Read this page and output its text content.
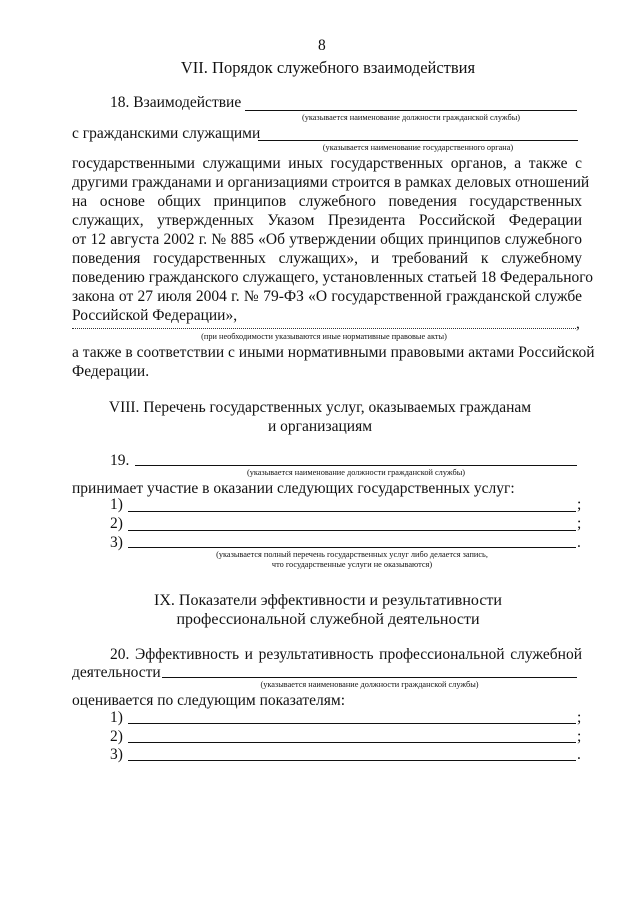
8
VII. Порядок служебного взаимодействия
18. Взаимодействие
(указывается наименование должности гражданской службы)
с гражданскими служащими
(указывается наименование государственного органа)
государственными служащими иных государственных органов, а также с
другими гражданами и организациями строится в рамках деловых отношений
на основе общих принципов служебного поведения государственных
служащих, утвержденных Указом Президента Российской Федерации
от 12 августа 2002 г. № 885 «Об утверждении общих принципов служебного
поведения государственных служащих», и требований к служебному
поведению гражданского служащего, установленных статьей 18 Федерального
закона от 27 июля 2004 г. № 79-ФЗ «О государственной гражданской службе
Российской Федерации»,	,
(при необходимости указываются иные нормативные правовые акты)
а также в соответствии с иными нормативными правовыми актами Российской
Федерации.
VIII. Перечень государственных услуг, оказываемых гражданам
и организациям
19.
(указывается наименование должности гражданской службы)
принимает участие в оказании следующих государственных услуг:
1)	;
2)	;
3)	.
(указывается полный перечень государственных услуг либо делается запись,
что государственные услуги не оказываются)
IX. Показатели эффективности и результативности
профессиональной служебной деятельности
20. Эффективность и результативность профессиональной служебной
деятельности
(указывается наименование должности гражданской службы)
оценивается по следующим показателям:
1)	;
2)	;
3)	.
